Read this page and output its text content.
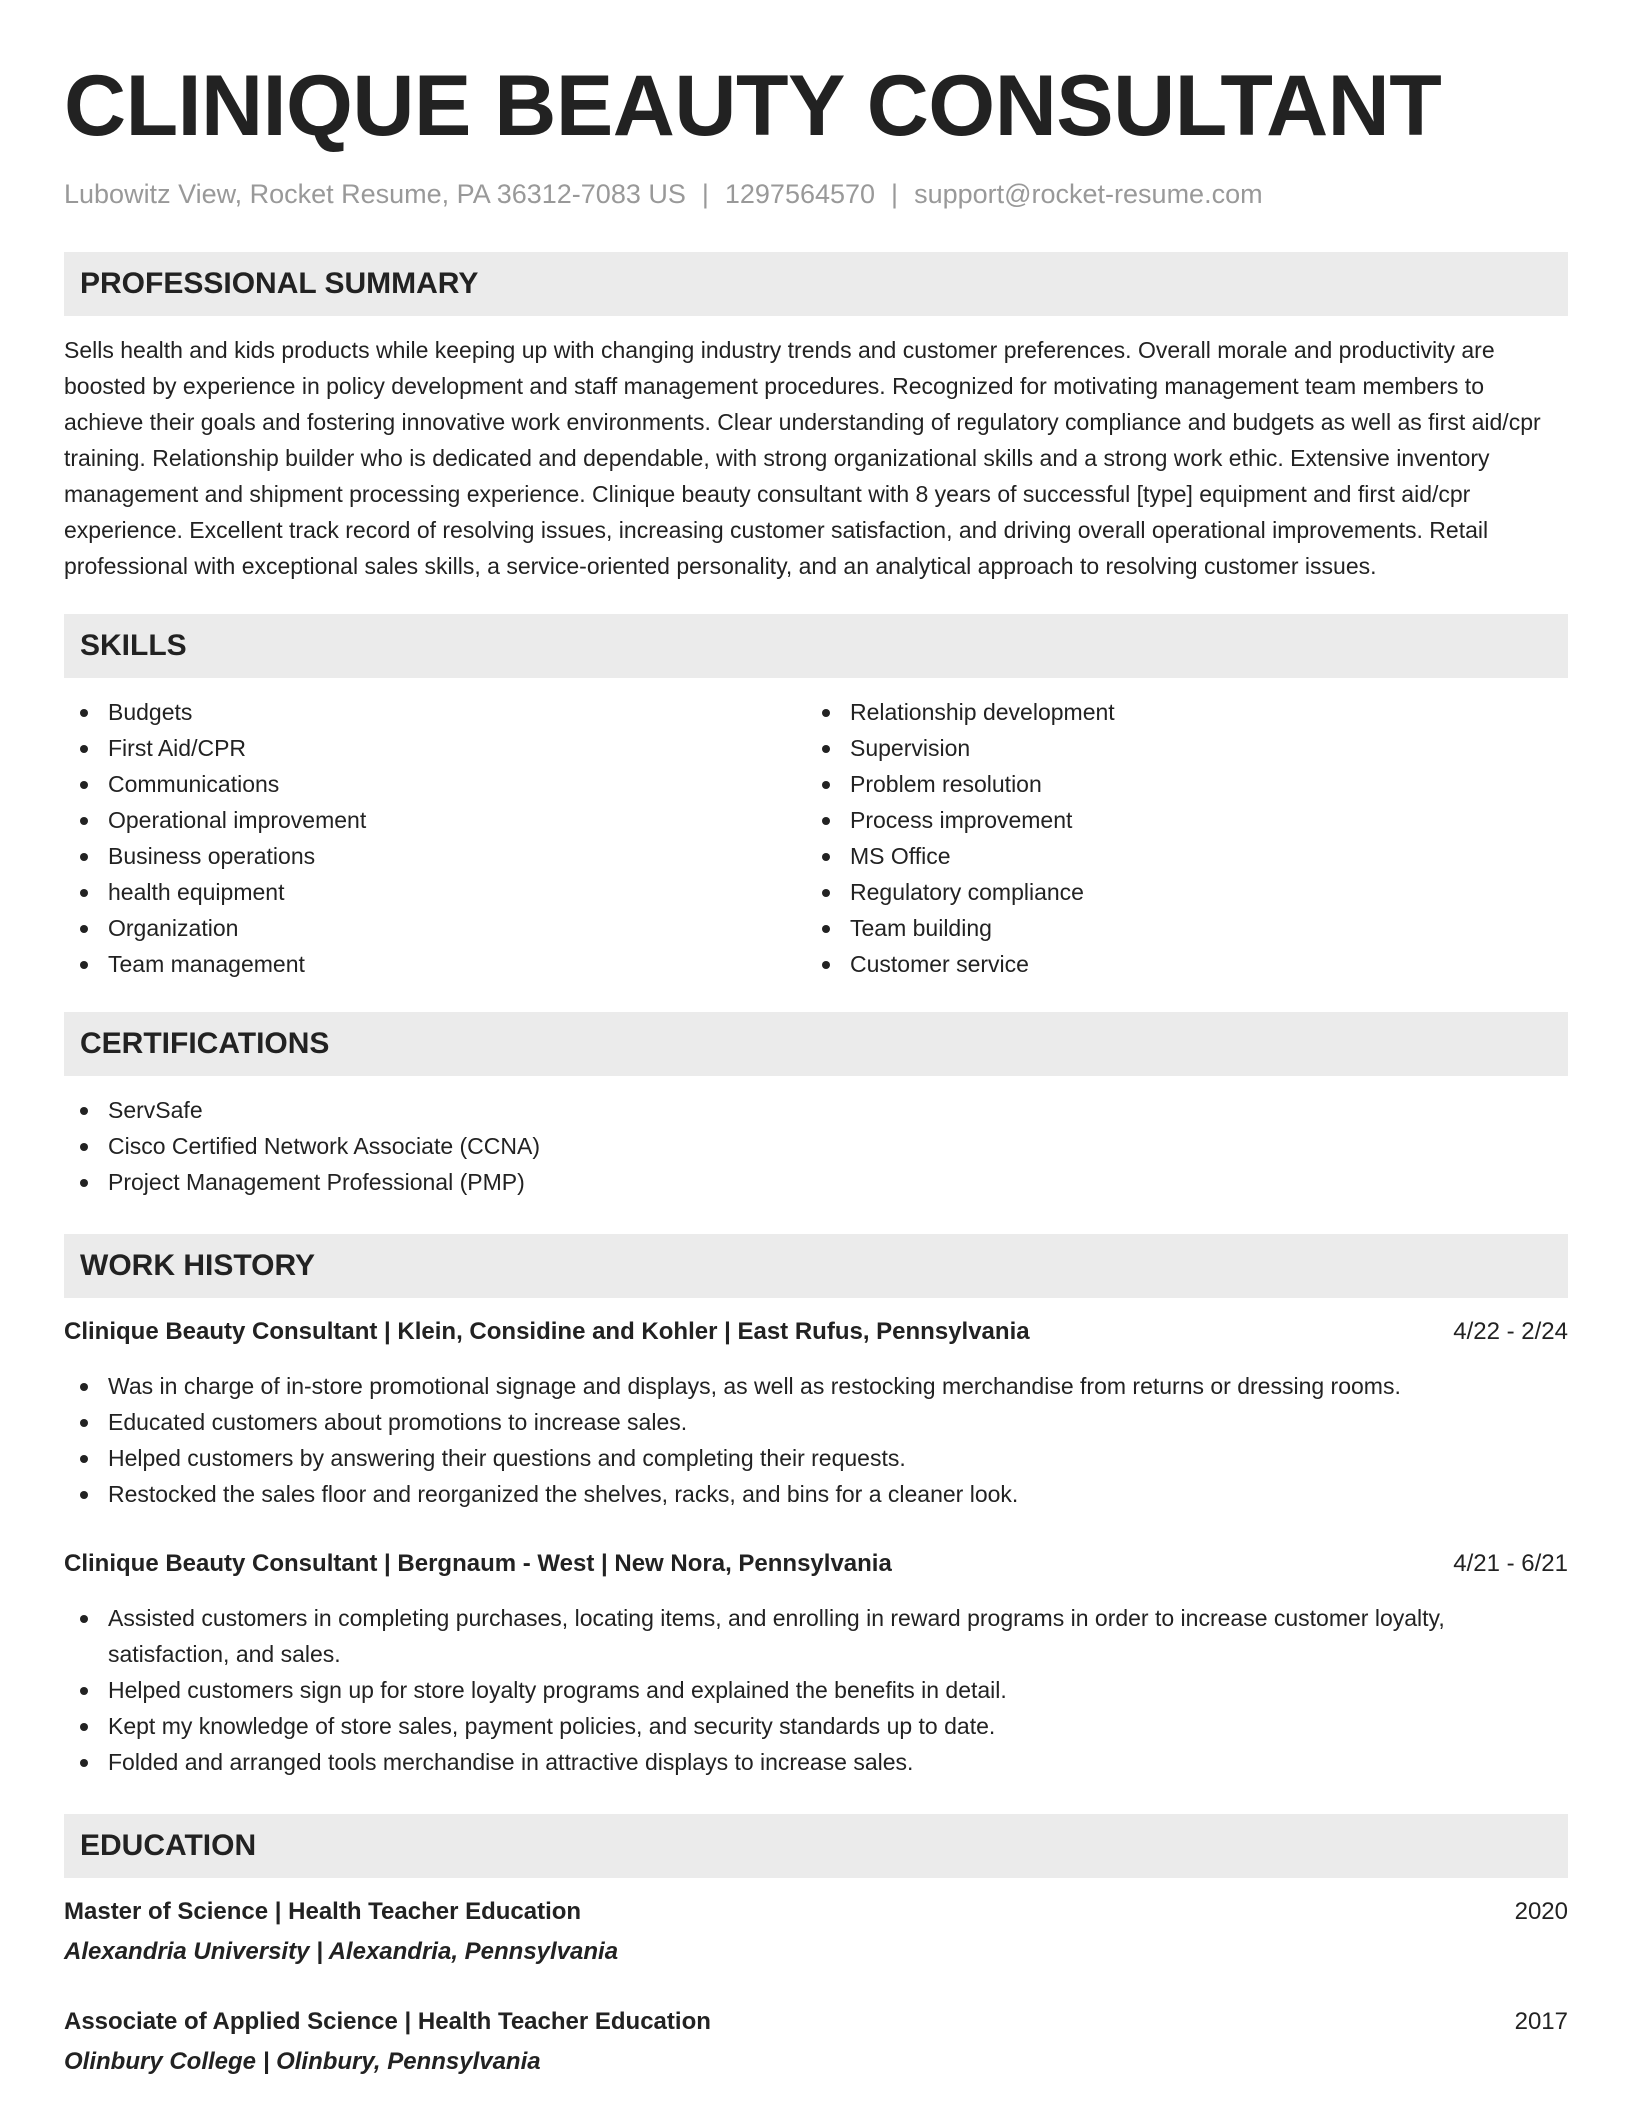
CLINIQUE BEAUTY CONSULTANT
Lubowitz View, Rocket Resume, PA 36312-7083 US | 1297564570 | support@rocket-resume.com
PROFESSIONAL SUMMARY

Sells health and kids products while keeping up with changing industry trends and customer preferences. Overall morale and productivity are boosted by experience in policy development and staff management procedures. Recognized for motivating management team members to achieve their goals and fostering innovative work environments. Clear understanding of regulatory compliance and budgets as well as first aid/cpr training. Relationship builder who is dedicated and dependable, with strong organizational skills and a strong work ethic. Extensive inventory management and shipment processing experience. Clinique beauty consultant with 8 years of successful [type] equipment and first aid/cpr experience. Excellent track record of resolving issues, increasing customer satisfaction, and driving overall operational improvements. Retail professional with exceptional sales skills, a service-oriented personality, and an analytical approach to resolving customer issues.

SKILLS
Budgets
First Aid/CPR
Communications
Operational improvement
Business operations
health equipment
Organization
Team management
Relationship development
Supervision
Problem resolution
Process improvement
MS Office
Regulatory compliance
Team building
Customer service
CERTIFICATIONS
ServSafe
Cisco Certified Network Associate (CCNA)
Project Management Professional (PMP)
WORK HISTORY
Clinique Beauty Consultant | Klein, Considine and Kohler | East Rufus, Pennsylvania	4/22 - 2/24
Was in charge of in-store promotional signage and displays, as well as restocking merchandise from returns or dressing rooms.
Educated customers about promotions to increase sales.
Helped customers by answering their questions and completing their requests.
Restocked the sales floor and reorganized the shelves, racks, and bins for a cleaner look.
Clinique Beauty Consultant | Bergnaum - West | New Nora, Pennsylvania	4/21 - 6/21
Assisted customers in completing purchases, locating items, and enrolling in reward programs in order to increase customer loyalty, satisfaction, and sales.
Helped customers sign up for store loyalty programs and explained the benefits in detail.
Kept my knowledge of store sales, payment policies, and security standards up to date.
Folded and arranged tools merchandise in attractive displays to increase sales.
EDUCATION
Master of Science | Health Teacher Education	2020
Alexandria University | Alexandria, Pennsylvania
Associate of Applied Science | Health Teacher Education	2017
Olinbury College | Olinbury, Pennsylvania
